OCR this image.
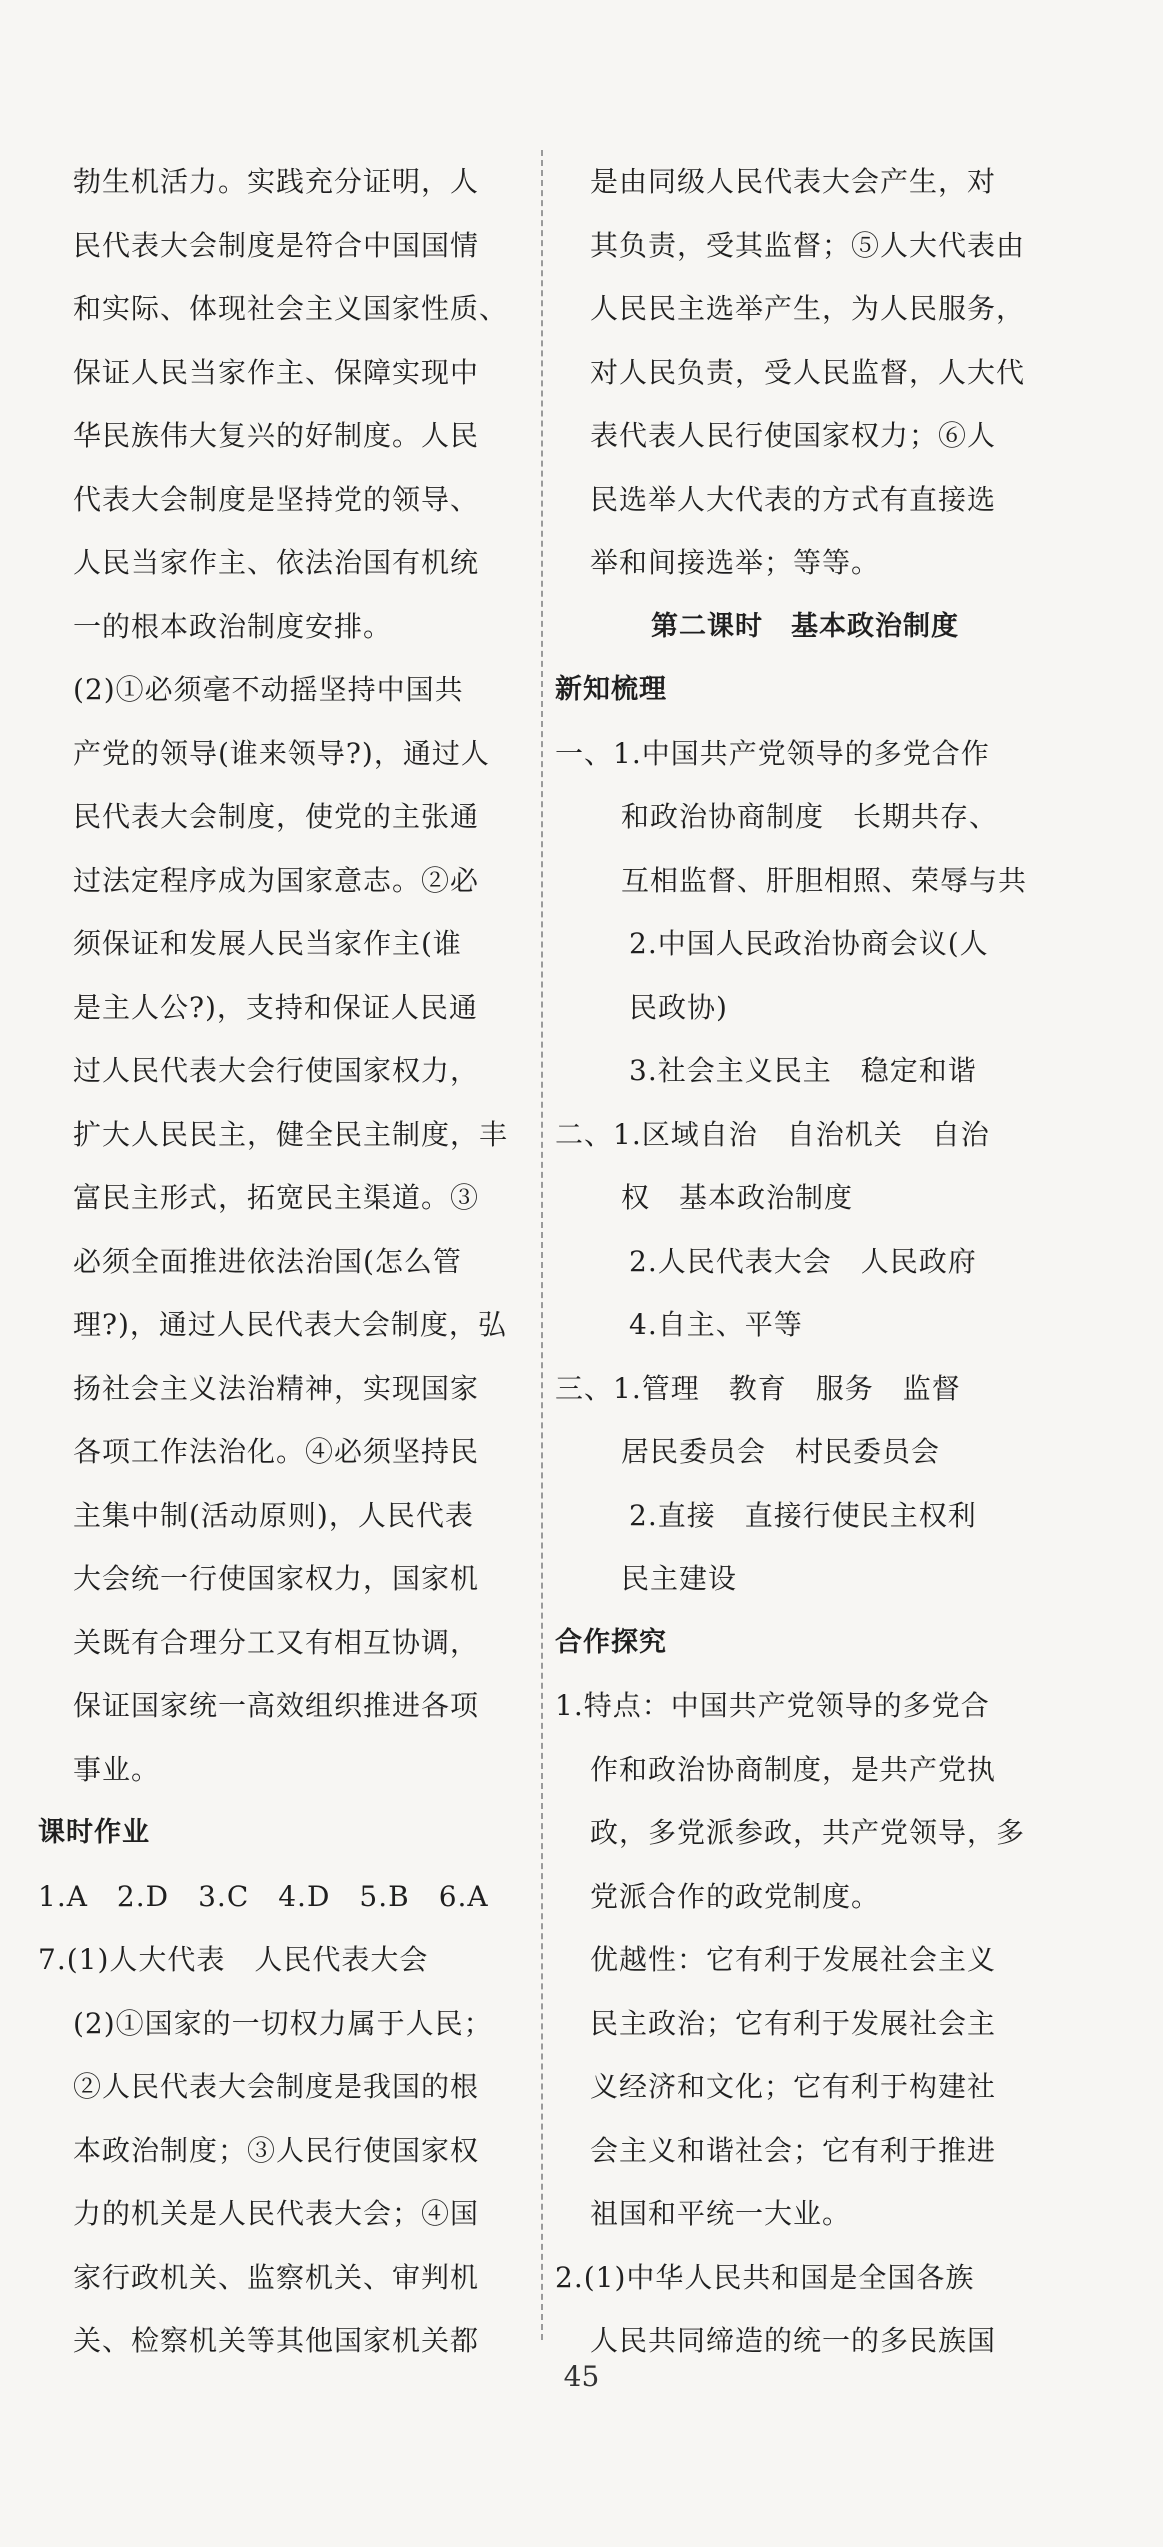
勃生机活力。实践充分证明，人
民代表大会制度是符合中国国情
和实际、体现社会主义国家性质、
保证人民当家作主、保障实现中
华民族伟大复兴的好制度。人民
代表大会制度是坚持党的领导、
人民当家作主、依法治国有机统
一的根本政治制度安排。
(2)①必须毫不动摇坚持中国共
产党的领导(谁来领导?)，通过人
民代表大会制度，使党的主张通
过法定程序成为国家意志。②必
须保证和发展人民当家作主(谁
是主人公?)，支持和保证人民通
过人民代表大会行使国家权力，
扩大人民民主，健全民主制度，丰
富民主形式，拓宽民主渠道。③
必须全面推进依法治国(怎么管
理?)，通过人民代表大会制度，弘
扬社会主义法治精神，实现国家
各项工作法治化。④必须坚持民
主集中制(活动原则)，人民代表
大会统一行使国家权力，国家机
关既有合理分工又有相互协调，
保证国家统一高效组织推进各项
事业。
课时作业
1.A　2.D　3.C　4.D　5.B　6.A
7.(1)人大代表　人民代表大会
(2)①国家的一切权力属于人民；
②人民代表大会制度是我国的根
本政治制度；③人民行使国家权
力的机关是人民代表大会；④国
家行政机关、监察机关、审判机
关、检察机关等其他国家机关都
是由同级人民代表大会产生，对
其负责，受其监督；⑤人大代表由
人民民主选举产生，为人民服务，
对人民负责，受人民监督，人大代
表代表人民行使国家权力；⑥人
民选举人大代表的方式有直接选
举和间接选举；等等。
第二课时　基本政治制度
新知梳理
一、1.中国共产党领导的多党合作
和政治协商制度　长期共存、
互相监督、肝胆相照、荣辱与共
2.中国人民政治协商会议(人
民政协)
3.社会主义民主　稳定和谐
二、1.区域自治　自治机关　自治
权　基本政治制度
2.人民代表大会　人民政府
4.自主、平等
三、1.管理　教育　服务　监督
居民委员会　村民委员会
2.直接　直接行使民主权利
民主建设
合作探究
1.特点：中国共产党领导的多党合
作和政治协商制度，是共产党执
政，多党派参政，共产党领导，多
党派合作的政党制度。
优越性：它有利于发展社会主义
民主政治；它有利于发展社会主
义经济和文化；它有利于构建社
会主义和谐社会；它有利于推进
祖国和平统一大业。
2.(1)中华人民共和国是全国各族
人民共同缔造的统一的多民族国
45
